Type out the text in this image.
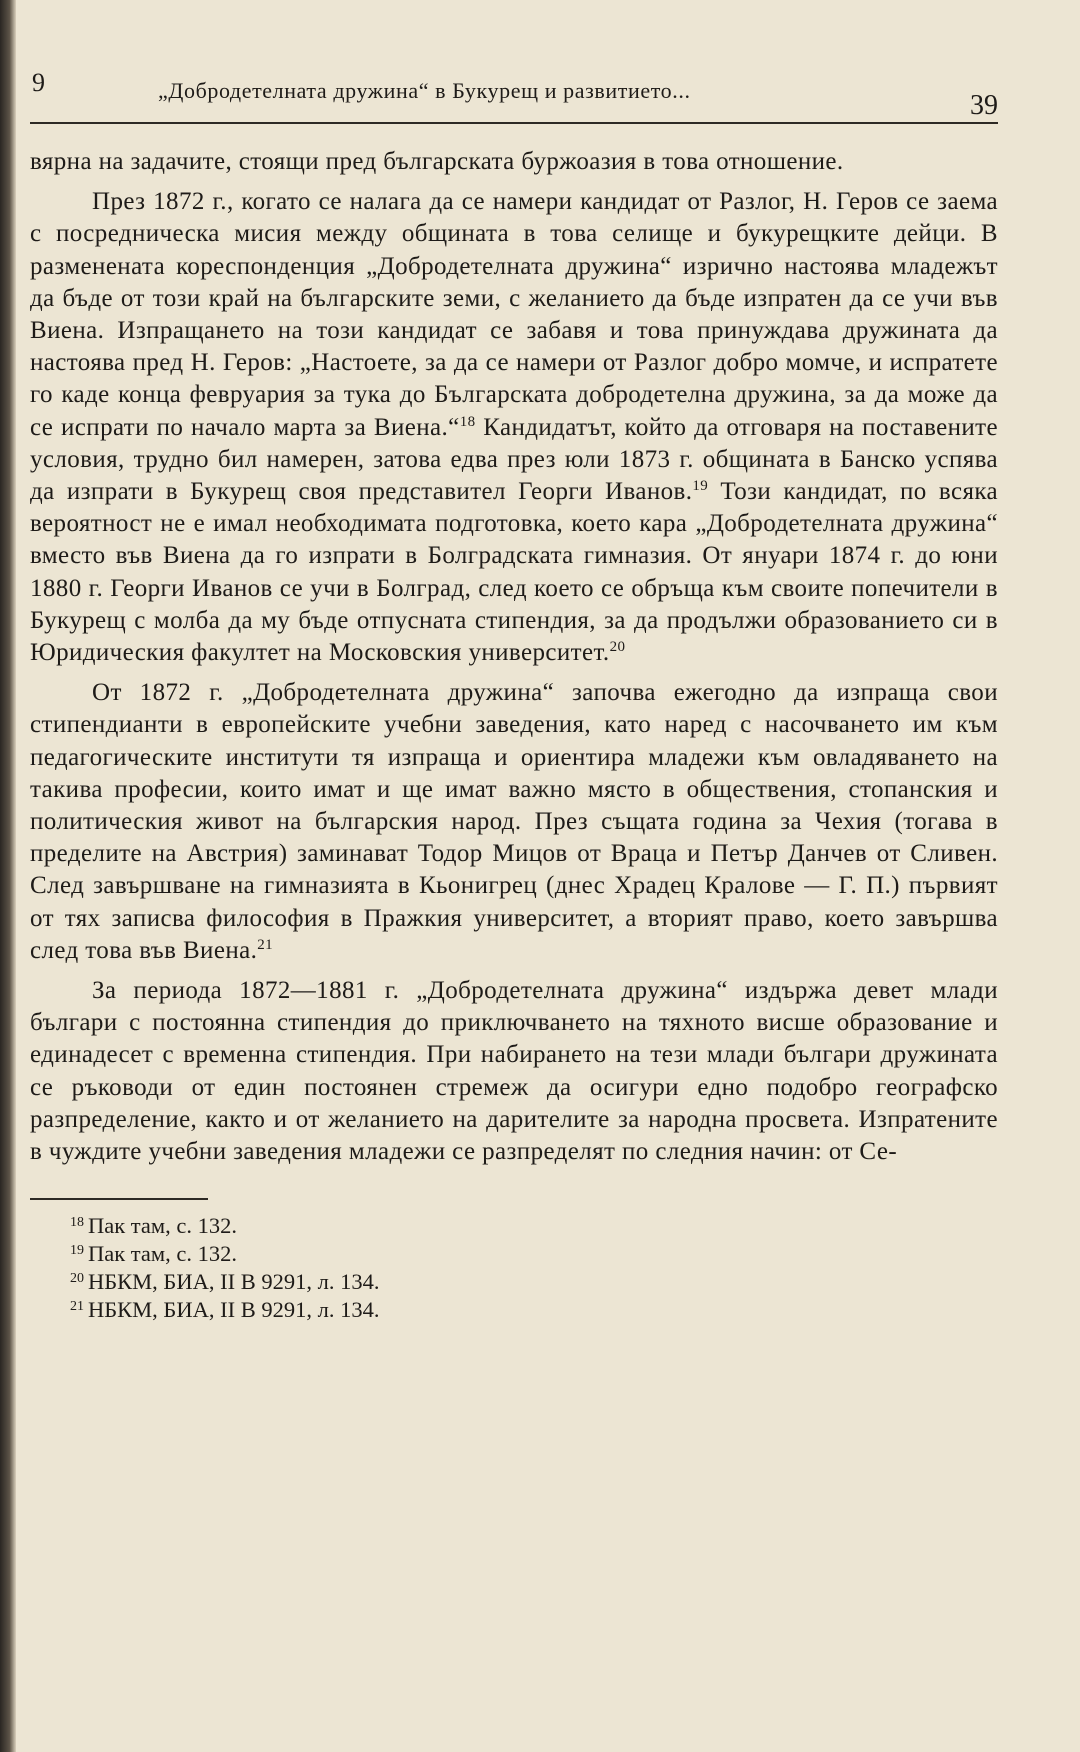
9	„Добродетелната дружина“ в Букурещ и развитието...	39

вярна на задачите, стоящи пред българската буржоазия в това отношение.

През 1872 г., когато се налага да се намери кандидат от Разлог, Н. Геров се заема с посредническа мисия между общината в това селище и букурещките дейци. В разменената кореспонденция „Добродетелната дружина“ изрично настоява младежът да бъде от този край на българските земи, с желанието да бъде изпратен да се учи във Виена. Изпращането на този кандидат се забавя и това принуждава дружината да настоява пред Н. Геров: „Настоете, за да се намери от Разлог добро момче, и испратете го каде конца февруария за тука до Българската добродетелна дружина, за да може да се испрати по начало марта за Виена.“$^{18}$ Кандидатът, който да отговаря на поставените условия, трудно бил намерен, затова едва през юли 1873 г. общината в Банско успява да изпрати в Букурещ своя представител Георги Иванов.$^{19}$ Този кандидат, по всяка вероятност не е имал необходимата подготовка, което кара „Добродетелната дружина“ вместо във Виена да го изпрати в Болградската гимназия. От януари 1874 г. до юни 1880 г. Георги Иванов се учи в Болград, след което се обръща към своите попечители в Букурещ с молба да му бъде отпусната стипендия, за да продължи образованието си в Юридическия факултет на Московския университет.$^{20}$

От 1872 г. „Добродетелната дружина“ започва ежегодно да изпраща свои стипендианти в европейските учебни заведения, като наред с насочването им към педагогическите институти тя изпраща и ориентира младежи към овладяването на такива професии, които имат и ще имат важно място в обществения, стопанския и политическия живот на българския народ. През същата година за Чехия (тогава в пределите на Австрия) заминават Тодор Мицов от Враца и Петър Данчев от Сливен. След завършване на гимназията в Кьонигрец (днес Храдец Кралове — Г. П.) първият от тях записва философия в Пражкия университет, а вторият право, което завършва след това във Виена.$^{21}$

За периода 1872—1881 г. „Добродетелната дружина“ издържа девет млади българи с постоянна стипендия до приключването на тяхното висше образование и единадесет с временна стипендия. При набирането на тези млади българи дружината се ръководи от един постоянен стремеж да осигури едно подобро географско разпределение, както и от желанието на дарителите за народна просвета. Изпратените в чуждите учебни заведения младежи се разпределят по следния начин: от Се-

$^{18}$ Пак там, с. 132.
$^{19}$ Пак там, с. 132.
$^{20}$ НБКМ, БИА, II В 9291, л. 134.
$^{21}$ НБКМ, БИА, II В 9291, л. 134.
